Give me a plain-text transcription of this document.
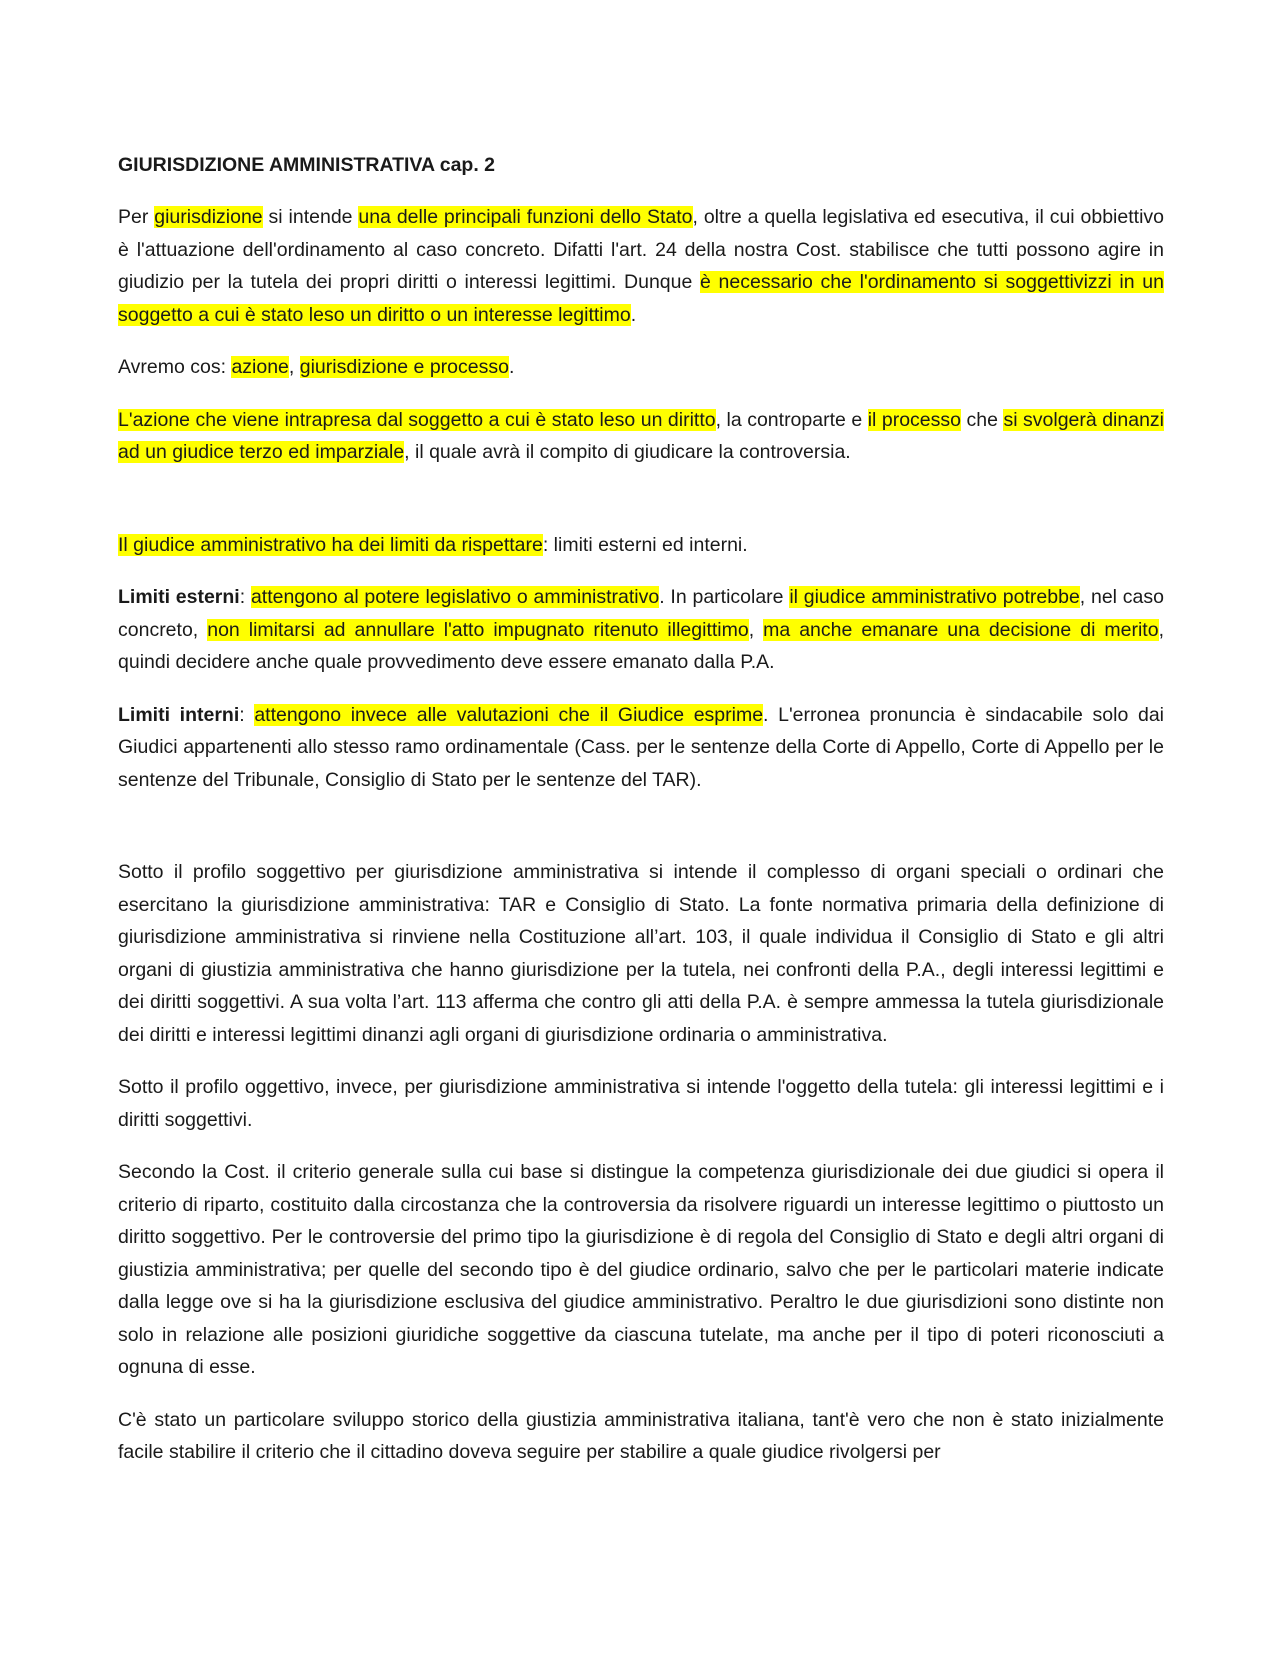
GIURISDIZIONE AMMINISTRATIVA cap. 2

Per giurisdizione si intende una delle principali funzioni dello Stato, oltre a quella legislativa ed esecutiva, il cui obbiettivo è l'attuazione dell'ordinamento al caso concreto. Difatti l'art. 24 della nostra Cost. stabilisce che tutti possono agire in giudizio per la tutela dei propri diritti o interessi legittimi. Dunque è necessario che l'ordinamento si soggettivizzi in un soggetto a cui è stato leso un diritto o un interesse legittimo.

Avremo cos: azione, giurisdizione e processo.

L'azione che viene intrapresa dal soggetto a cui è stato leso un diritto, la controparte e il processo che si svolgerà dinanzi ad un giudice terzo ed imparziale, il quale avrà il compito di giudicare la controversia.

Il giudice amministrativo ha dei limiti da rispettare: limiti esterni ed interni.

Limiti esterni: attengono al potere legislativo o amministrativo. In particolare il giudice amministrativo potrebbe, nel caso concreto, non limitarsi ad annullare l'atto impugnato ritenuto illegittimo, ma anche emanare una decisione di merito, quindi decidere anche quale provvedimento deve essere emanato dalla P.A.

Limiti interni: attengono invece alle valutazioni che il Giudice esprime. L'erronea pronuncia è sindacabile solo dai Giudici appartenenti allo stesso ramo ordinamentale (Cass. per le sentenze della Corte di Appello, Corte di Appello per le sentenze del Tribunale, Consiglio di Stato per le sentenze del TAR).

Sotto il profilo soggettivo per giurisdizione amministrativa si intende il complesso di organi speciali o ordinari che esercitano la giurisdizione amministrativa: TAR e Consiglio di Stato. La fonte normativa primaria della definizione di giurisdizione amministrativa si rinviene nella Costituzione all’art. 103, il quale individua il Consiglio di Stato e gli altri organi di giustizia amministrativa che hanno giurisdizione per la tutela, nei confronti della P.A., degli interessi legittimi e dei diritti soggettivi. A sua volta l’art. 113 afferma che contro gli atti della P.A. è sempre ammessa la tutela giurisdizionale dei diritti e interessi legittimi dinanzi agli organi di giurisdizione ordinaria o amministrativa.

Sotto il profilo oggettivo, invece, per giurisdizione amministrativa si intende l'oggetto della tutela: gli interessi legittimi e i diritti soggettivi.

Secondo la Cost. il criterio generale sulla cui base si distingue la competenza giurisdizionale dei due giudici si opera il criterio di riparto, costituito dalla circostanza che la controversia da risolvere riguardi un interesse legittimo o piuttosto un diritto soggettivo. Per le controversie del primo tipo la giurisdizione è di regola del Consiglio di Stato e degli altri organi di giustizia amministrativa; per quelle del secondo tipo è del giudice ordinario, salvo che per le particolari materie indicate dalla legge ove si ha la giurisdizione esclusiva del giudice amministrativo. Peraltro le due giurisdizioni sono distinte non solo in relazione alle posizioni giuridiche soggettive da ciascuna tutelate, ma anche per il tipo di poteri riconosciuti a ognuna di esse.

C'è stato un particolare sviluppo storico della giustizia amministrativa italiana, tant'è vero che non è stato inizialmente facile stabilire il criterio che il cittadino doveva seguire per stabilire a quale giudice rivolgersi per
